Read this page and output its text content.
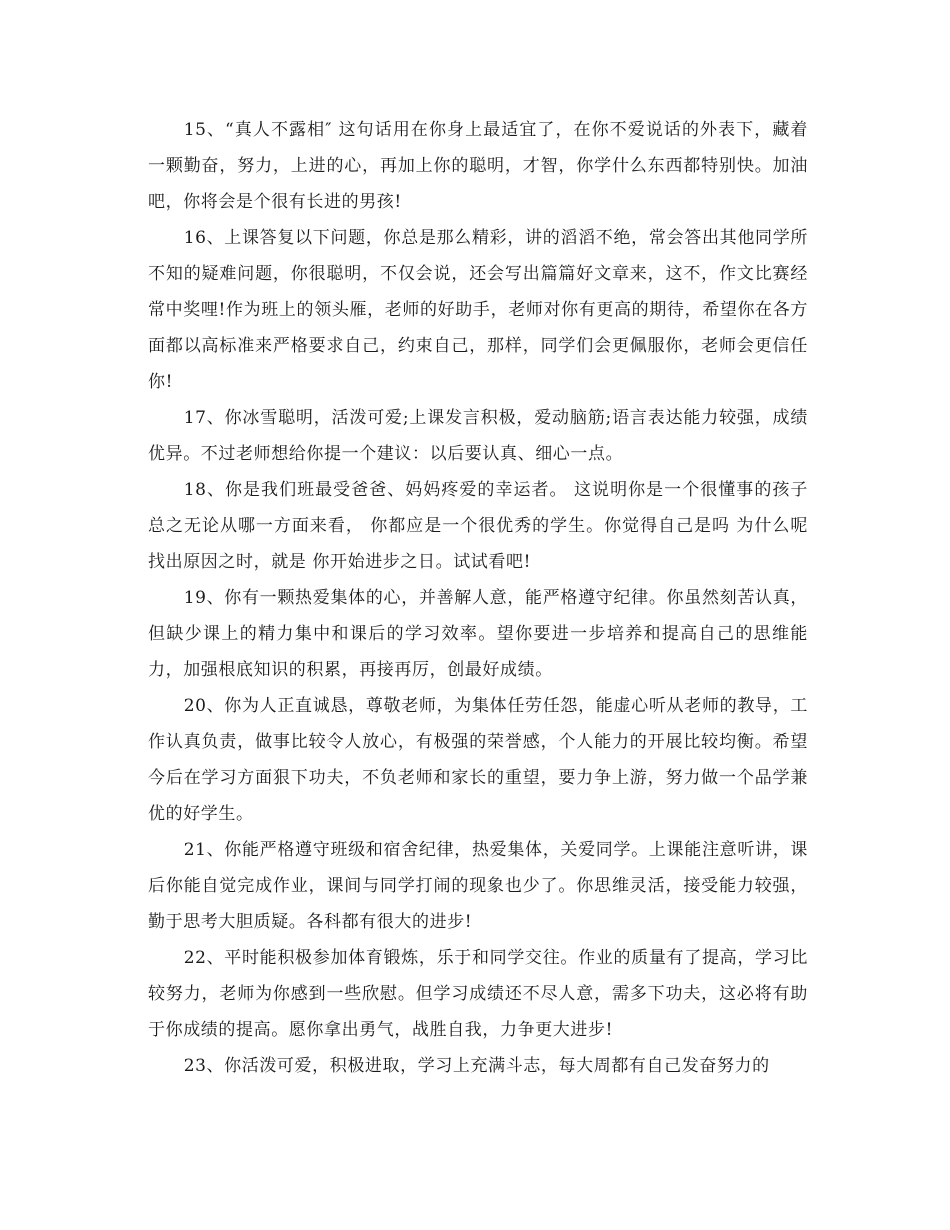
15、“真人不露相″ 这句话用在你身上最适宜了，在你不爱说话的外表下，藏着一颗勤奋，努力，上进的心，再加上你的聪明，才智，你学什么东西都特别快。加油吧，你将会是个很有长进的男孩!

16、上课答复以下问题，你总是那么精彩，讲的滔滔不绝，常会答出其他同学所不知的疑难问题，你很聪明，不仅会说，还会写出篇篇好文章来，这不，作文比赛经常中奖哩!作为班上的领头雁，老师的好助手，老师对你有更高的期待，希望你在各方面都以高标准来严格要求自己，约束自己，那样，同学们会更佩服你，老师会更信任你!

17、你冰雪聪明，活泼可爱;上课发言积极，爱动脑筋;语言表达能力较强，成绩优异。不过老师想给你提一个建议：以后要认真、细心一点。

18、你是我们班最受爸爸、妈妈疼爱的幸运者。 这说明你是一个很懂事的孩子 总之无论从哪一方面来看， 你都应是一个很优秀的学生。你觉得自己是吗 为什么呢 找出原因之时，就是 你开始进步之日。试试看吧!

19、你有一颗热爱集体的心，并善解人意，能严格遵守纪律。你虽然刻苦认真，但缺少课上的精力集中和课后的学习效率。望你要进一步培养和提高自己的思维能力，加强根底知识的积累，再接再厉，创最好成绩。

20、你为人正直诚恳，尊敬老师，为集体任劳任怨，能虚心听从老师的教导，工作认真负责，做事比较令人放心，有极强的荣誉感，个人能力的开展比较均衡。希望今后在学习方面狠下功夫，不负老师和家长的重望，要力争上游，努力做一个品学兼优的好学生。

21、你能严格遵守班级和宿舍纪律，热爱集体，关爱同学。上课能注意听讲，课后你能自觉完成作业，课间与同学打闹的现象也少了。你思维灵活，接受能力较强，勤于思考大胆质疑。各科都有很大的进步!

22、平时能积极参加体育锻炼，乐于和同学交往。作业的质量有了提高，学习比较努力，老师为你感到一些欣慰。但学习成绩还不尽人意，需多下功夫，这必将有助于你成绩的提高。愿你拿出勇气，战胜自我，力争更大进步!

23、你活泼可爱，积极进取，学习上充满斗志，每大周都有自己发奋努力的
